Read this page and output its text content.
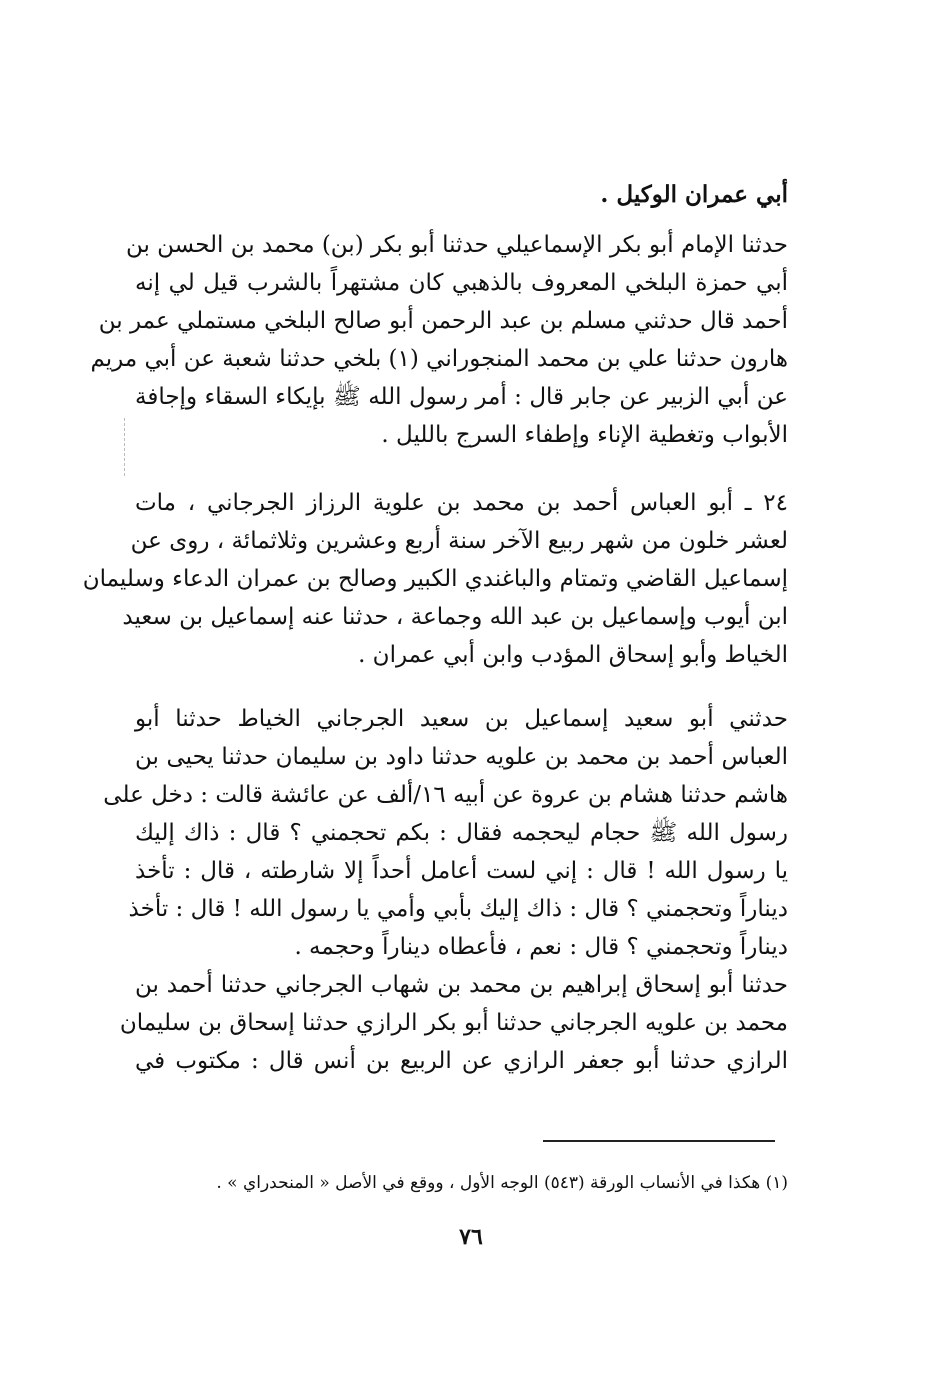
أبي عمران الوكيل .
حدثنا الإمام أبو بكر الإسماعيلي حدثنا أبو بكر (بن) محمد بن الحسن بن
أبي حمزة البلخي المعروف بالذهبي كان مشتهراً بالشرب قيل لي إنه
أحمد قال حدثني مسلم بن عبد الرحمن أبو صالح البلخي مستملي عمر بن
هارون حدثنا علي بن محمد المنجوراني (١) بلخي حدثنا شعبة عن أبي مريم
عن أبي الزبير عن جابر قال : أمر رسول الله ﷺ بإيكاء السقاء وإجافة
الأبواب وتغطية الإناء وإطفاء السرج بالليل .
٢٤ ـ أبو العباس أحمد بن محمد بن علوية الرزاز الجرجاني ، مات
لعشر خلون من شهر ربيع الآخر سنة أربع وعشرين وثلاثمائة ، روى عن
إسماعيل القاضي وتمتام والباغندي الكبير وصالح بن عمران الدعاء وسليمان
ابن أيوب وإسماعيل بن عبد الله وجماعة ، حدثنا عنه إسماعيل بن سعيد
الخياط وأبو إسحاق المؤدب وابن أبي عمران .
حدثني أبو سعيد إسماعيل بن سعيد الجرجاني الخياط حدثنا أبو
العباس أحمد بن محمد بن علويه حدثنا داود بن سليمان حدثنا يحيى بن
هاشم حدثنا هشام بن عروة عن أبيه ١٦/ألف عن عائشة قالت : دخل على
رسول الله ﷺ حجام ليحجمه فقال : بكم تحجمني ؟ قال : ذاك إليك
يا رسول الله ! قال : إني لست أعامل أحداً إلا شارطته ، قال : تأخذ
ديناراً وتحجمني ؟ قال : ذاك إليك بأبي وأمي يا رسول الله ! قال : تأخذ
ديناراً وتحجمني ؟ قال : نعم ، فأعطاه ديناراً وحجمه .
حدثنا أبو إسحاق إبراهيم بن محمد بن شهاب الجرجاني حدثنا أحمد بن
محمد بن علويه الجرجاني حدثنا أبو بكر الرازي حدثنا إسحاق بن سليمان
الرازي حدثنا أبو جعفر الرازي عن الربيع بن أنس قال : مكتوب في
(١) هكذا في الأنساب الورقة (٥٤٣) الوجه الأول ، ووقع في الأصل « المنحدراي » .
٧٦
